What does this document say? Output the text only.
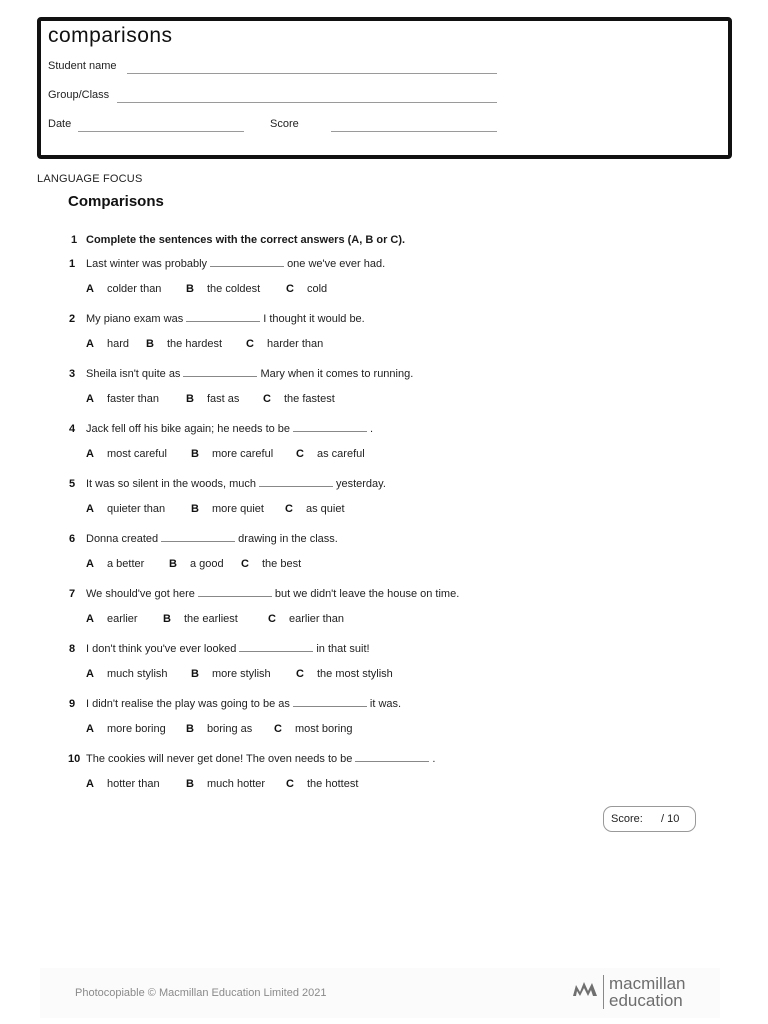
comparisons
Student name
Group/Class
Date	Score
LANGUAGE FOCUS
Comparisons
1 Complete the sentences with the correct answers (A, B or C).
1 Last winter was probably	one we've ever had.
A colder than B the coldest C cold
2 My piano exam was	I thought it would be.
A hard B the hardest C harder than
3 Sheila isn't quite as	Mary when it comes to running.
A faster than B fast as C the fastest
4 Jack fell off his bike again; he needs to be	.
A most careful B more careful C as careful
5 It was so silent in the woods, much	yesterday.
A quieter than B more quiet C as quiet
6 Donna created	drawing in the class.
A a better B a good C the best
7 We should've got here	but we didn't leave the house on time.
A earlier B the earliest	C earlier than
8 I don't think you've ever looked	in that suit!
A much stylish B more stylish C the most stylish
9 I didn't realise the play was going to be as	it was.
A more boring B boring as C most boring
10 The cookies will never get done! The oven needs to be	.
A hotter than B much hotter C the hottest
Score: / 10
Photocopiable © Macmillan Education Limited 2021	macmillan
education
